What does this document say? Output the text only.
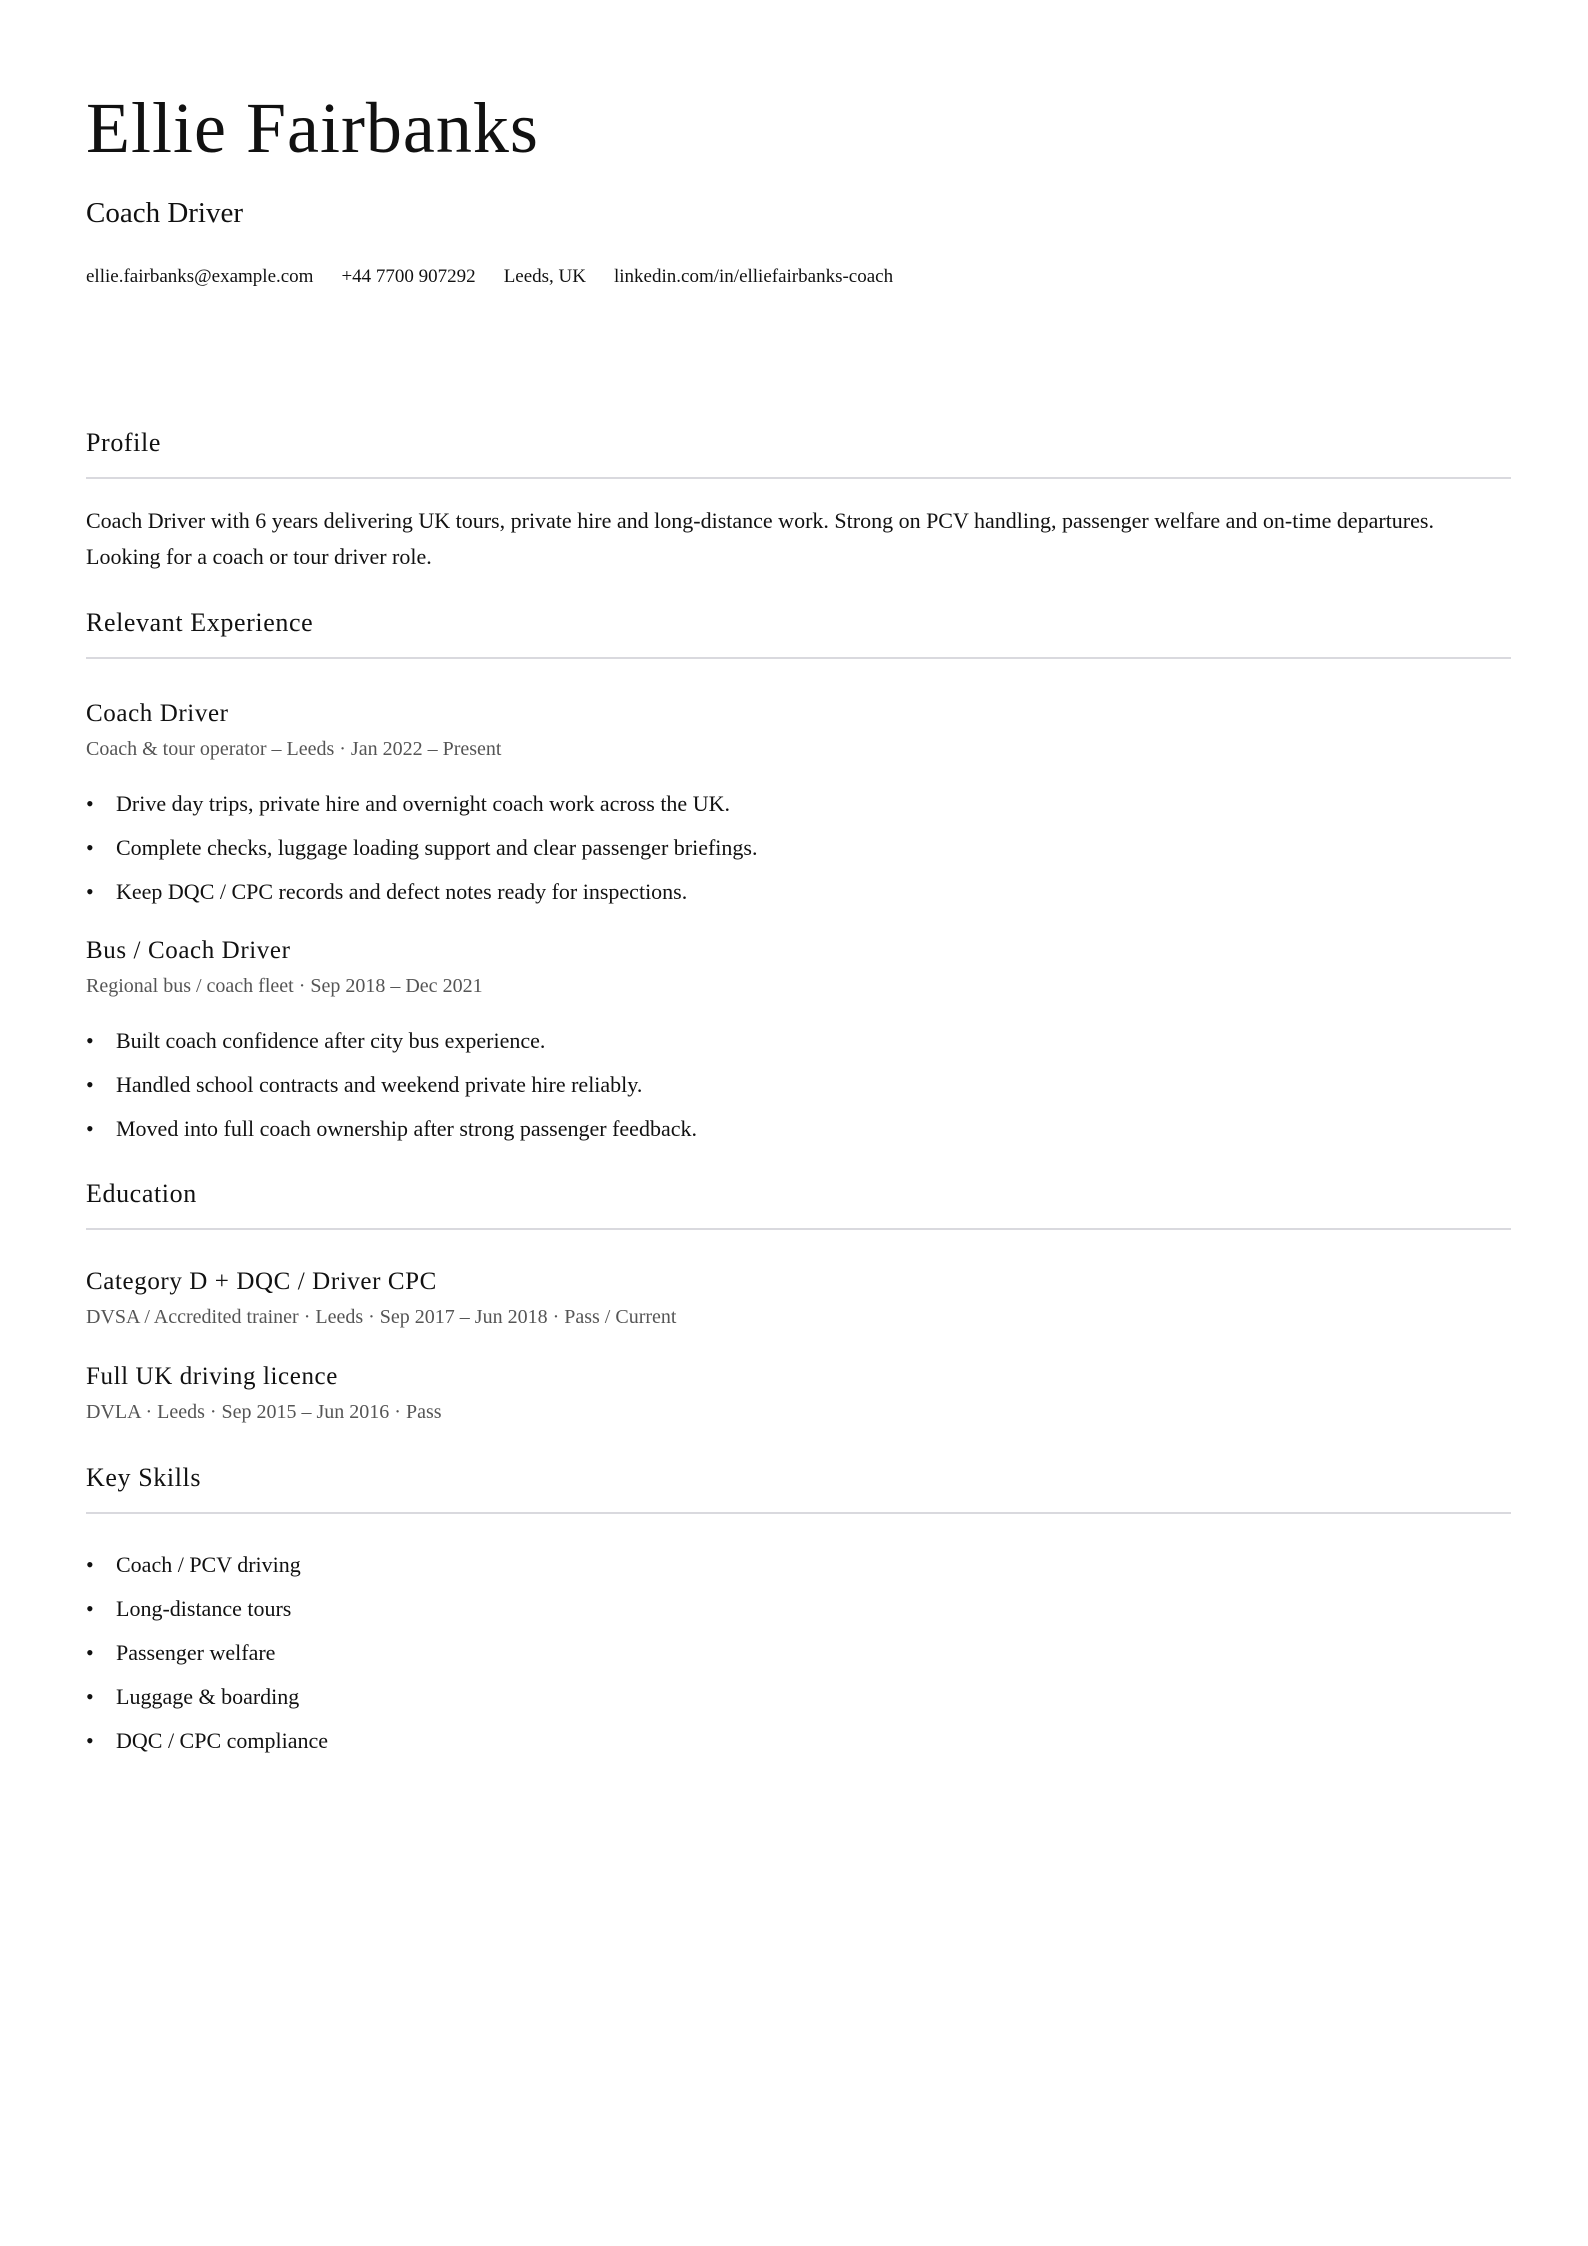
Ellie Fairbanks
Coach Driver
ellie.fairbanks@example.com +44 7700 907292 Leeds, UK linkedin.com/in/elliefairbanks-coach
Profile

Coach Driver with 6 years delivering UK tours, private hire and long-distance work. Strong on PCV handling, passenger welfare and on-time departures. Looking for a coach or tour driver role.

Relevant Experience
Coach Driver
Coach & tour operator – Leeds · Jan 2022 – Present
• Drive day trips, private hire and overnight coach work across the UK.
• Complete checks, luggage loading support and clear passenger briefings.
• Keep DQC / CPC records and defect notes ready for inspections.
Bus / Coach Driver
Regional bus / coach fleet · Sep 2018 – Dec 2021
• Built coach confidence after city bus experience.
• Handled school contracts and weekend private hire reliably.
• Moved into full coach ownership after strong passenger feedback.
Education
Category D + DQC / Driver CPC
DVSA / Accredited trainer · Leeds · Sep 2017 – Jun 2018 · Pass / Current
Full UK driving licence
DVLA · Leeds · Sep 2015 – Jun 2016 · Pass
Key Skills
• Coach / PCV driving
• Long-distance tours
• Passenger welfare
• Luggage & boarding
• DQC / CPC compliance
